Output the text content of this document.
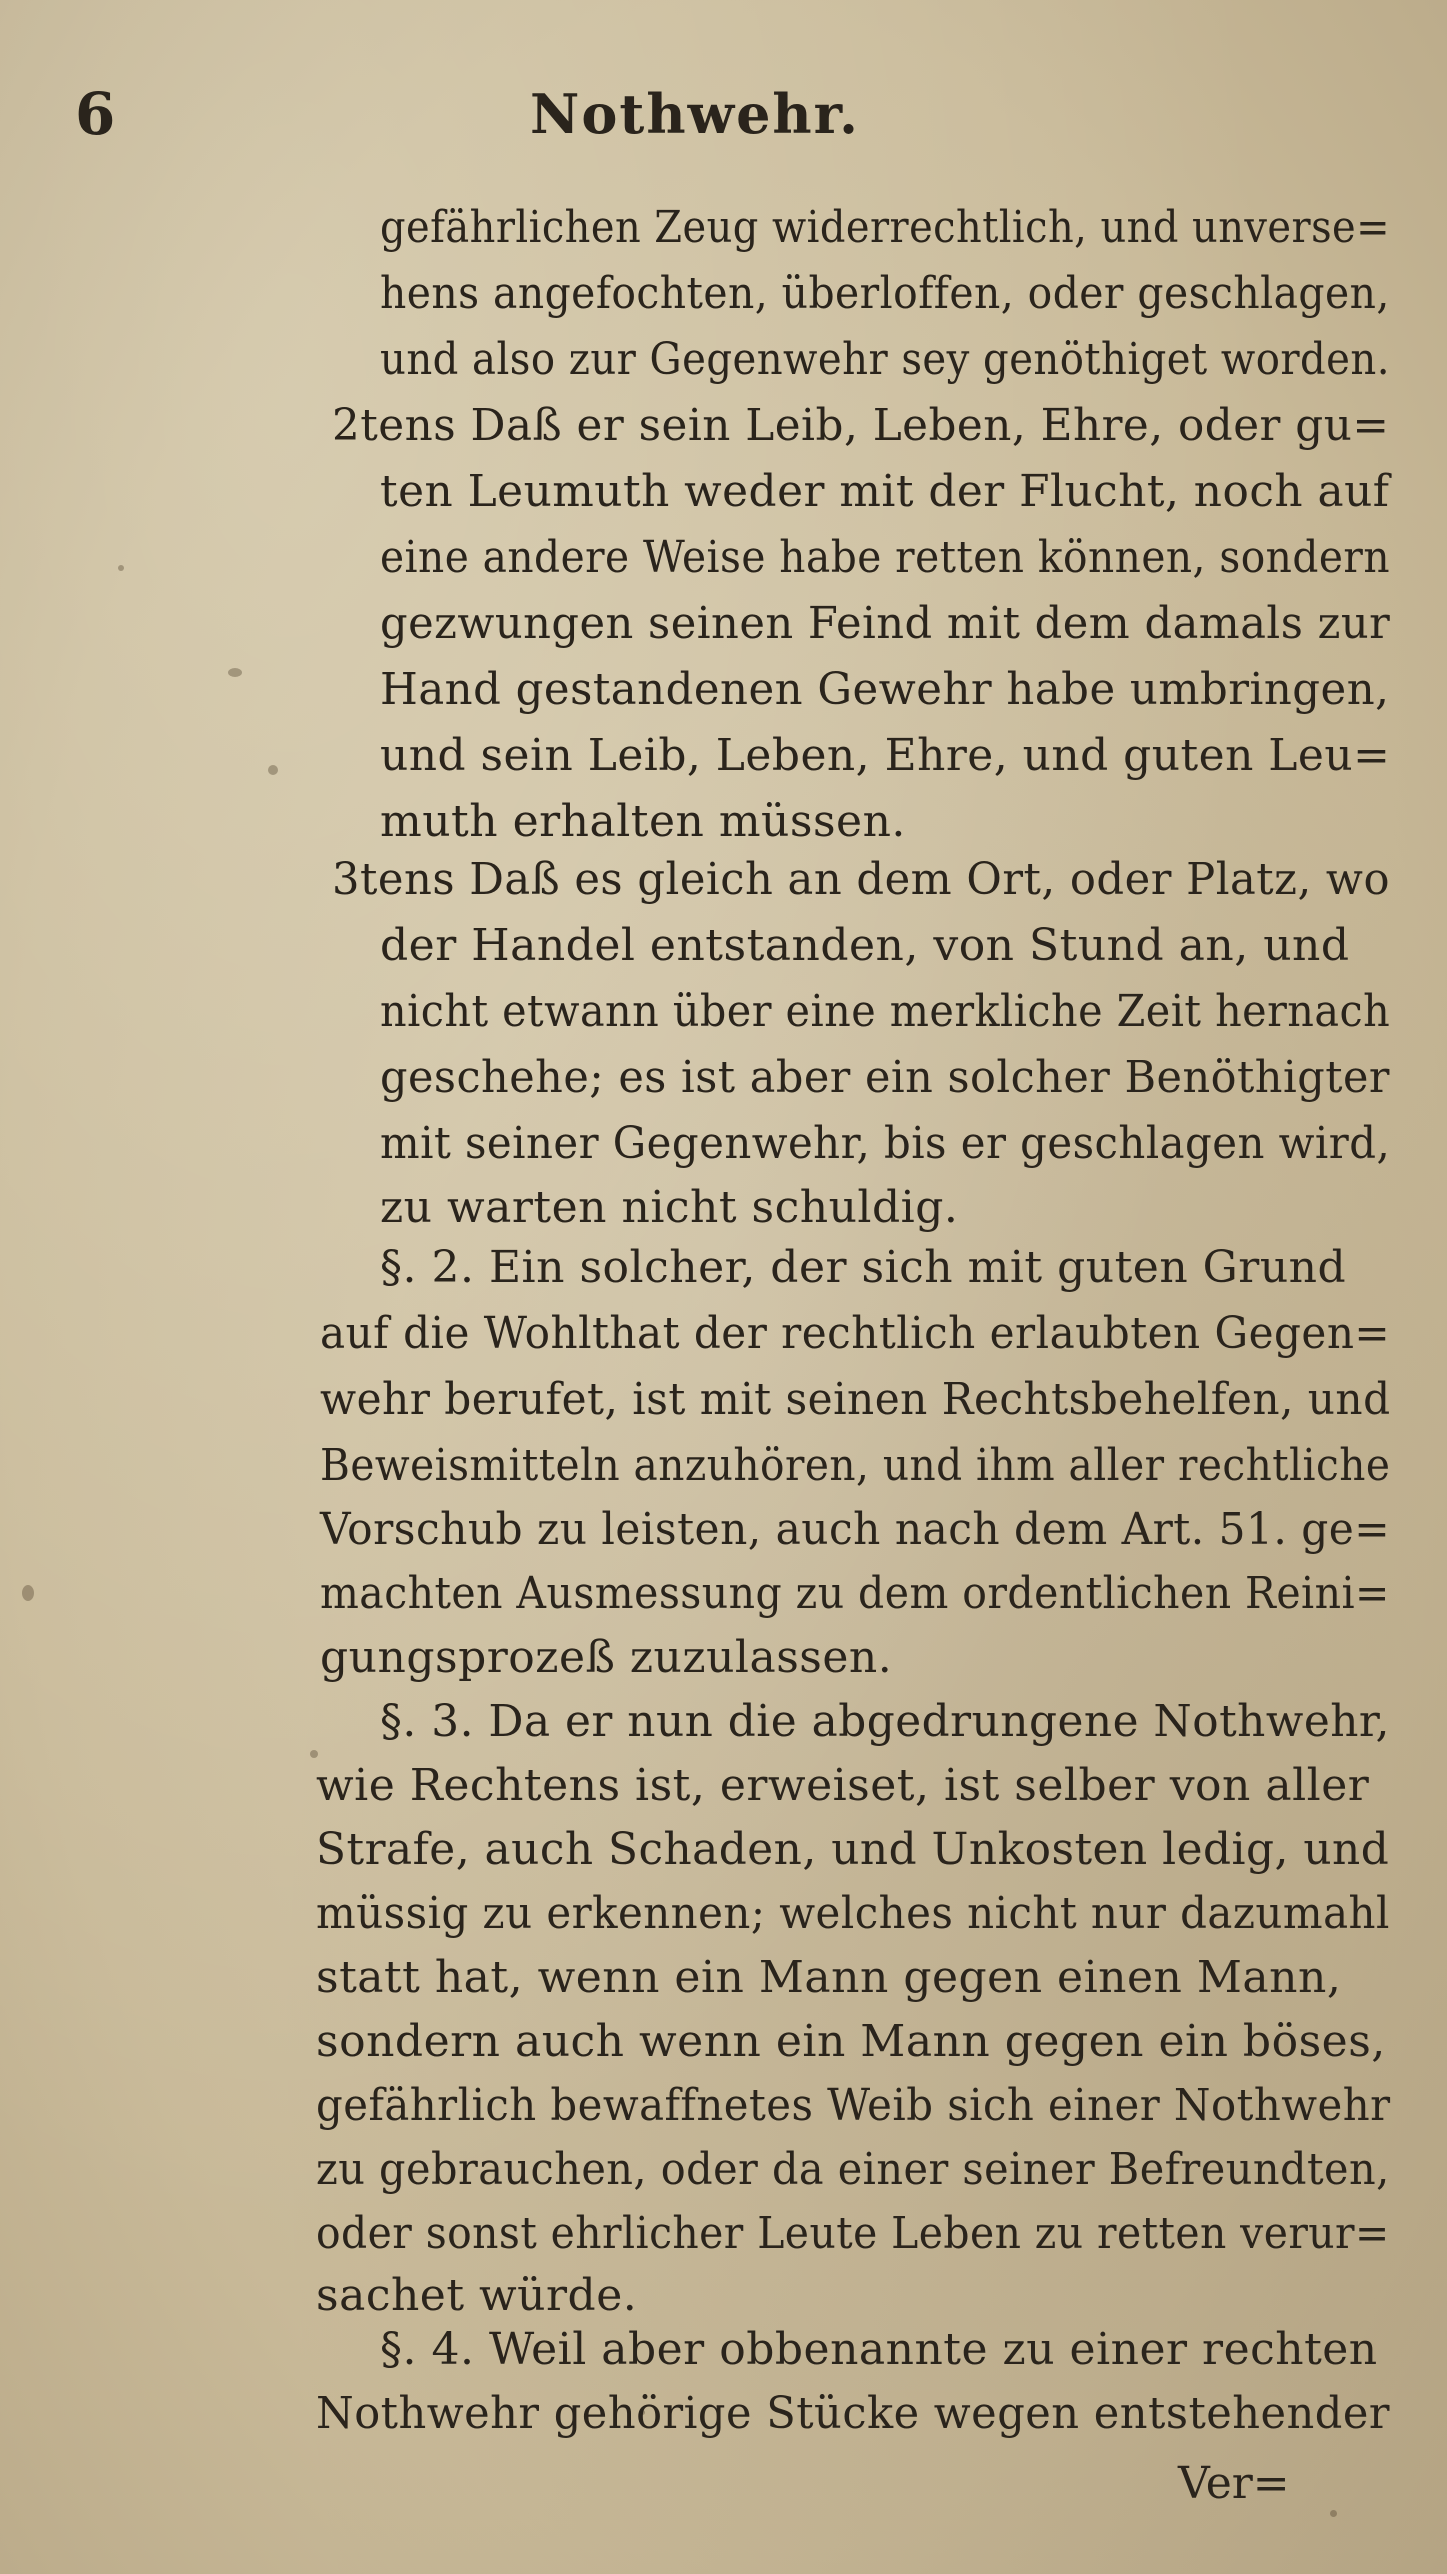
6	Nothwehr.
gefährlichen Zeug widerrechtlich, und unverse=
hens angefochten, überloffen, oder geschlagen,
und also zur Gegenwehr sey genöthiget worden.
2tens Daß er sein Leib, Leben, Ehre, oder gu=
ten Leumuth weder mit der Flucht, noch auf
eine andere Weise habe retten können, sondern
gezwungen seinen Feind mit dem damals zur
Hand gestandenen Gewehr habe umbringen,
und sein Leib, Leben, Ehre, und guten Leu=
muth erhalten müssen.
3tens Daß es gleich an dem Ort, oder Platz, wo
der Handel entstanden, von Stund an, und
nicht etwann über eine merkliche Zeit hernach
geschehe; es ist aber ein solcher Benöthigter
mit seiner Gegenwehr, bis er geschlagen wird,
zu warten nicht schuldig.
§. 2. Ein solcher, der sich mit guten Grund
auf die Wohlthat der rechtlich erlaubten Gegen=
wehr berufet, ist mit seinen Rechtsbehelfen, und
Beweismitteln anzuhören, und ihm aller rechtliche
Vorschub zu leisten, auch nach dem Art. 51. ge=
machten Ausmessung zu dem ordentlichen Reini=
gungsprozeß zuzulassen.
§. 3. Da er nun die abgedrungene Nothwehr,
wie Rechtens ist, erweiset, ist selber von aller
Strafe, auch Schaden, und Unkosten ledig, und
müssig zu erkennen; welches nicht nur dazumahl
statt hat, wenn ein Mann gegen einen Mann,
sondern auch wenn ein Mann gegen ein böses,
gefährlich bewaffnetes Weib sich einer Nothwehr
zu gebrauchen, oder da einer seiner Befreundten,
oder sonst ehrlicher Leute Leben zu retten verur=
sachet würde.
§. 4. Weil aber obbenannte zu einer rechten
Nothwehr gehörige Stücke wegen entstehender
Ver=
